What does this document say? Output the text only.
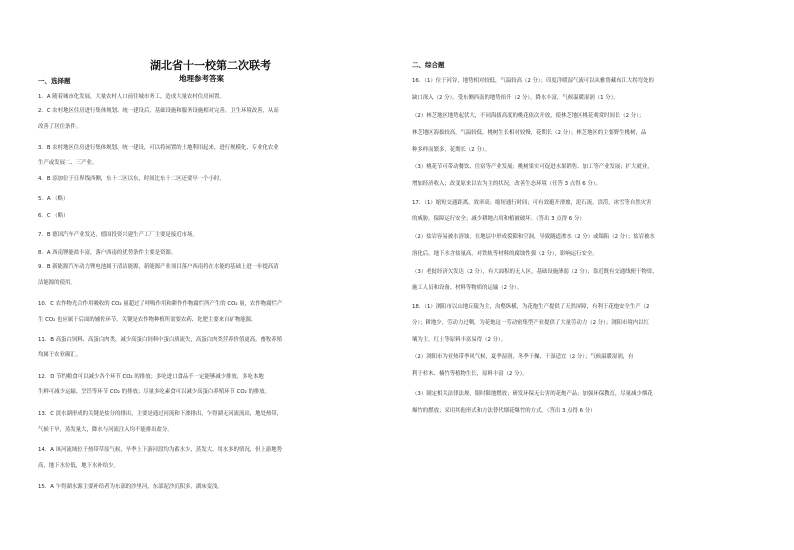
湖北省十一校第二次联考
地理参考答案
一、选择题
1．A 随着城市化发展，大量农村人口前往城市务工，造成大量农村住房闲置。
2．C 农村地区住房进行集体规划、统一建设后，基础设施和服务设施相对完善，卫生环境改善，从而
改善了居住条件。
3．B 农村地区住房进行集体规划、统一建设，可以将闲置的土地利用起来，进行规模化、专业化农业
生产或发展二、三产业。
4．B 添加位于日界线西侧，东十二区以东，时间比东十二区还要早一个小时。
5．A （略）
6．C （略）
7．B 德国汽车产业发达，德国投资兴建生产工厂主要是接近市场。
8．A 西南锂能盐丰富，落户西南的优势条件主要是资源。
9．B 新能源汽车动力锂电池属于清洁能源，新能源产业项目落户西南将在水能的基础上进一步提高清
洁能源的使用。
10．C 农作物光合作用吸收的 CO₂ 量超过了呼吸作用和耕作作物腐烂所产生的 CO₂ 量，农作物腐烂产
生 CO₂ 也应属于后面的辅佐环节，关键是农作物种植所需要农药、化肥主要来自矿物能源。
11．B 高蛋白饲料、高蛋白肉类，减少高蛋白饲料中蛋白质流失，高蛋白肉类营养价值更高，畜牧养殖
均属于农业碳汇。
12．D 节约粮食可以减少各个环节 CO₂ 的排放；多吃进口食品不一定能够减少排放，多吃本地
生鲜可减少运输、烹饪等环节 CO₂ 的排放；尽量多吃素食可以减少高蛋白养殖环节 CO₂ 的排放。
13．C 淡水湖形成的关键是盐分的排出，主要是通过河流和下渗排出，乍得湖无河流流出，地处热带，
气候干旱，蒸发量大，降水与河流注入均不能排出盐分。
14．A 该河流域位于热带草原气候，旱季上下游河段均为蓄水少、蒸发大、用水多的情况，但上游地势
高，地下水位低，地下水补给少。
15．A 乍得湖水源主要补给者为东部的沙里河，东部泥沙沉积多，湖床变浅。
二、综合题
16．（1）位于河谷，地势相对较低，气温较高（2 分）；印度洋暖湿气流可以从雅鲁藏布江大拐弯处的
缺口深入（2 分），受东侧西南的地势抬升（2 分），降水丰富，气候温暖湿润（1 分）。
（2）林芝地区地势起伏大，不同海拔高度的桃花依次开放，使林芝地区桃花观赏时间长（2 分）；
林芝地区海拔较高，气温较低，桃树生长相对较慢，花期长（2 分）；林芝地区的主要野生桃树，品
种多样而繁多，花期长（2 分）。
（3）桃花节可带动餐饮、住宿等产业发展；桃树果实可促进水果销售、加工等产业发展；扩大就业，
增加经济收入；改变原来以农为主的状况，改善生态环境（任答 3 点得 6 分）。
17．（1）缩短交通距离，效率高；缩短通行时间；可有效避开滑坡，泥石流，洪涝，冰雪等自然灾害
的威胁，保障运行安全；减少耕地占用和植被破坏。（答出 3 点得 6 分）
（2）盐岩容易被水溶蚀，在地层中形成裂隙和空洞，导致隧道渗水（2 分）或塌陷（2 分）；盐岩被水
溶化后，地下水含盐量高，对铁轨等材料的腐蚀性强（2 分），影响运行安全。
（3）老挝经济欠发达（2 分），有大面积的无人区，基础设施薄弱（2 分）；靠近既有交通线便于物资、
施工人员和设备、材料等物质的运输（2 分）。
18．（1）浏阳市以山地丘陵为主，沟壑纵横，为花炮生产提供了天然屏障，有利于花炮安全生产（2
分）；耕地少，劳动力过剩，为花炮这一劳动密集型产业提供了大量劳动力（2 分）；浏阳市境内以红
壤为主，红土等原料丰富易得（2 分）。
（2）浏阳市为亚热带季风气候，夏季湿润，冬季干燥，干湿适宜（2 分）；气候温暖湿润，有
利于杉木、楠竹等植物生长，原料丰富（2 分）。
（3）制定相关法律法规，限时限地燃放；研发环保无公害的花炮产品；加强环保教育，尽量减少烟花
爆竹的燃放；采用其他形式和方法替代烟花爆竹的方式。（答出 3 点得 6 分）
